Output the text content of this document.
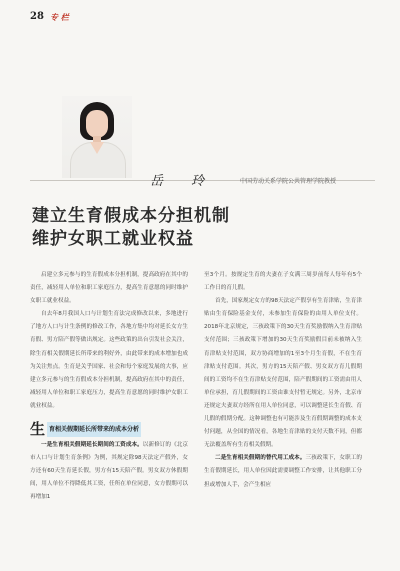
28 专 栏
岳 玲	中国劳动关系学院公共管理学院教授
建立生育假成本分担机制
维护女职工就业权益

启建立多元参与的生育假成本分担机制，提高政府在其中的责任，减轻用人单位和职工家庭压力，提高生育意愿的同时维护女职工就业权益。

自去年8月我国人口与计划生育法完成修改以来，多地进行了地方人口与计生条例的修改工作，各地方集中均对延长女方生育假、男方陪产假等做出规定。这些政策的出台引发社会关注，除生育相关假期延长所带来的利好外，由此带来的成本增加也成为关注焦点。生育是关乎国家、社会和每个家庭发展的大事，应建立多元参与的生育假成本分担机制，提高政府在其中的责任，减轻用人单位和职工家庭压力，提高生育意愿的同时维护女职工就业权益。

生 育相关假期延长所带来的成本分析

一是生育相关假期延长期间的工资成本。以新修订的《北京市人口与计划生育条例》为例，其规定除98天法定产假外，女方还有60天生育延长假，男方有15天陪产假。男女双方休假期间，用人单位不得降低其工资，任所在单位同意，女方假期可以再增加1

至3个月。按规定生育的夫妻在子女满三周岁前每人每年有5个工作日的育儿假。

首先，国家规定女方的98天法定产假享有生育津贴，生育津贴由生育保险基金支付，未参加生育保险的由用人单位支付。2018年北京规定，三孩政策下的30天生育奖励假纳入生育津贴支付范围；三孩政策下增加的30天生育奖励假目前未被纳入生育津贴支付范围，双方协商增加的1至3个月生育假，不在生育津贴支付范围。其次，男方的15天陪产假、男女双方育儿假期间的工资均不在生育津贴支付范围，陪产假期间的工资需由用人单位承担，育儿假期间的工资由谁支付暂无规定。另外，北京市还规定夫妻双方经所在用人单位同意，可以调整延长生育假、育儿假的假期分配。这种调整也有可能涉及生育假期调整的成本支付问题，从全国的情况看，各地生育津贴的支付天数不同，但都无法覆盖所有生育相关假期。

二是生育相关假期的替代用工成本。三孩政策下，女职工的生育假期延长，用人单位因此需要调整工作安排，让其他职工分担或增加人手，会产生相应
